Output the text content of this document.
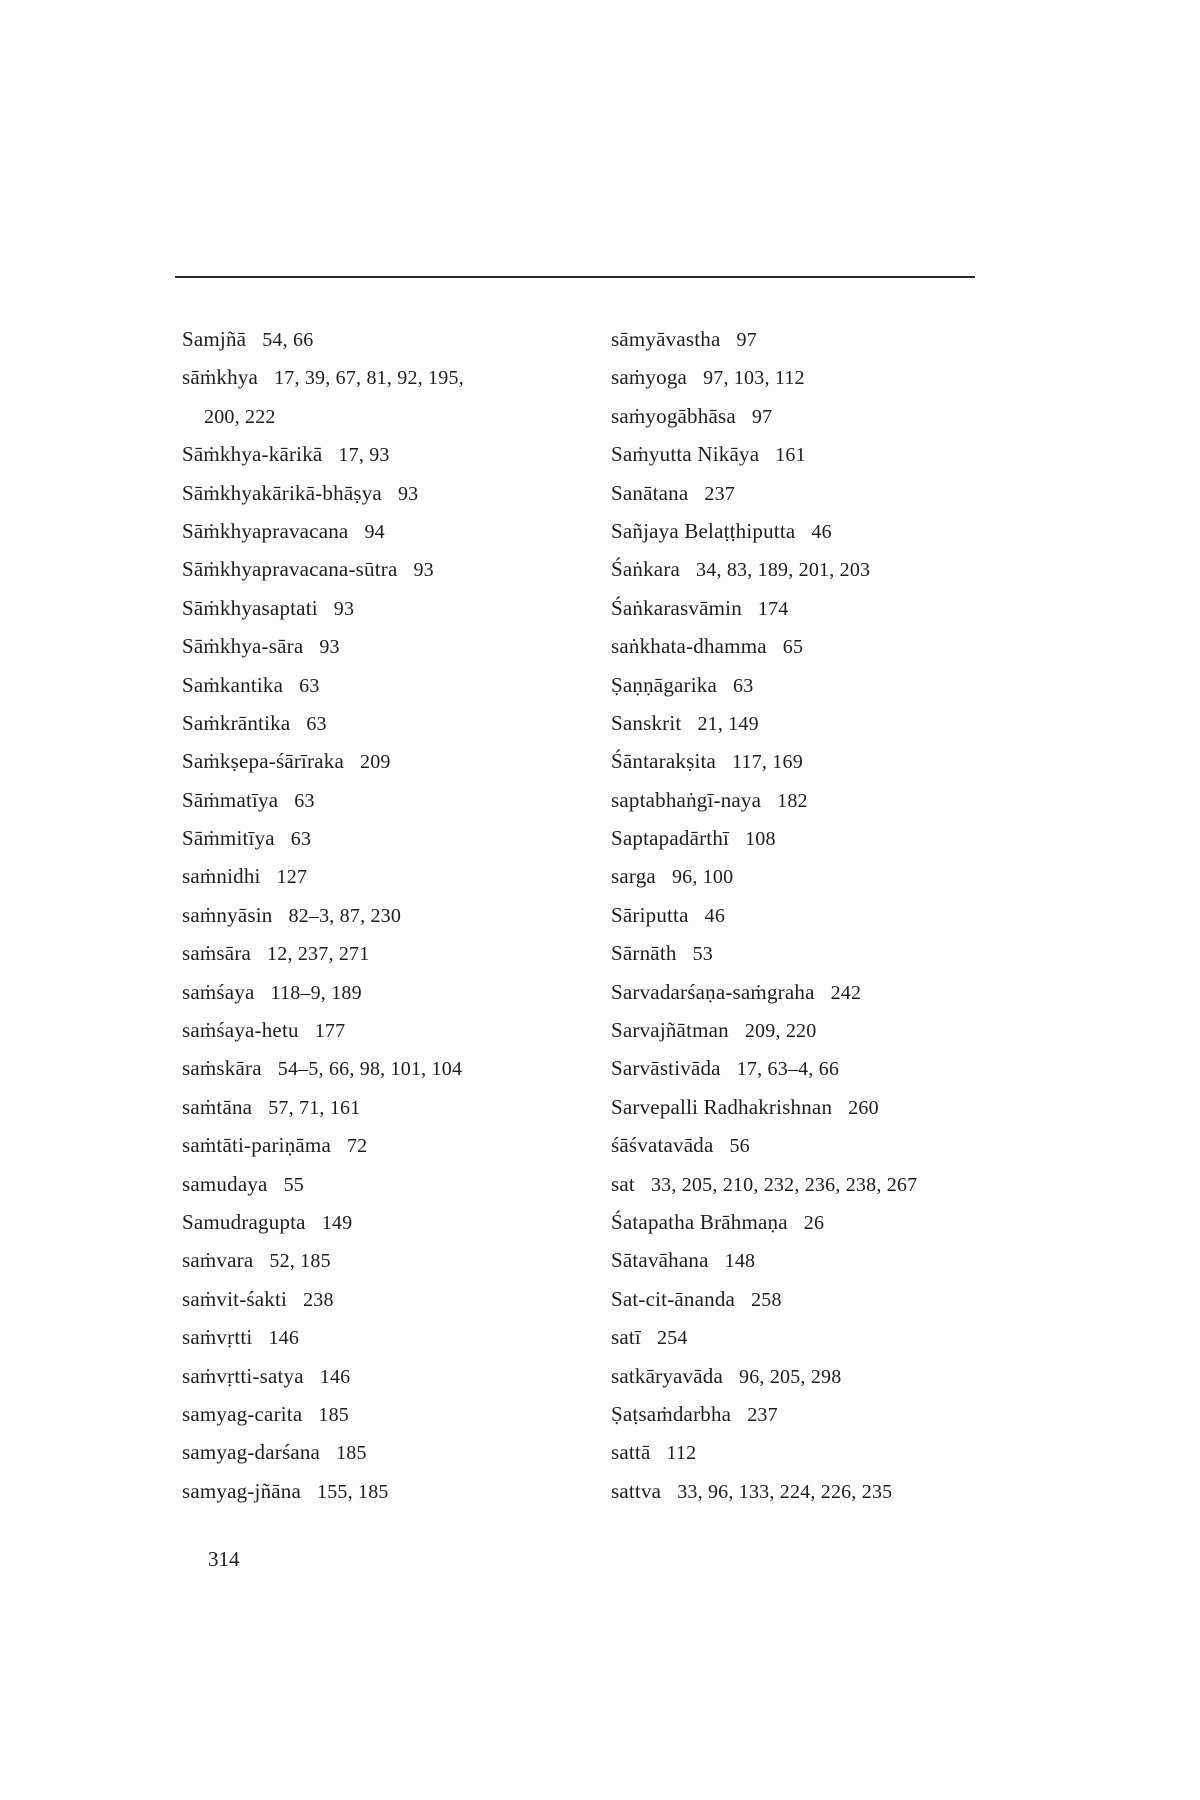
Samjñā 54, 66
sāṁkhya 17, 39, 67, 81, 92, 195,
200, 222
Sāṁkhya-kārikā 17, 93
Sāṁkhyakārikā-bhāṣya 93
Sāṁkhyapravacana 94
Sāṁkhyapravacana-sūtra 93
Sāṁkhyasaptati 93
Sāṁkhya-sāra 93
Saṁkantika 63
Saṁkrāntika 63
Saṁkṣepa-śārīraka 209
Sāṁmatīya 63
Sāṁmitīya 63
saṁnidhi 127
saṁnyāsin 82–3, 87, 230
saṁsāra 12, 237, 271
saṁśaya 118–9, 189
saṁśaya-hetu 177
saṁskāra 54–5, 66, 98, 101, 104
saṁtāna 57, 71, 161
saṁtāti-pariṇāma 72
samudaya 55
Samudragupta 149
saṁvara 52, 185
saṁvit-śakti 238
saṁvṛtti 146
saṁvṛtti-satya 146
samyag-carita 185
samyag-darśana 185
samyag-jñāna 155, 185
sāmyāvastha 97
saṁyoga 97, 103, 112
saṁyogābhāsa 97
Saṁyutta Nikāya 161
Sanātana 237
Sañjaya Belaṭṭhiputta 46
Śaṅkara 34, 83, 189, 201, 203
Śaṅkarasvāmin 174
saṅkhata-dhamma 65
Ṣaṇṇāgarika 63
Sanskrit 21, 149
Śāntarakṣita 117, 169
saptabhaṅgī-naya 182
Saptapadārthī 108
sarga 96, 100
Sāriputta 46
Sārnāth 53
Sarvadarśaṇa-saṁgraha 242
Sarvajñātman 209, 220
Sarvāstivāda 17, 63–4, 66
Sarvepalli Radhakrishnan 260
śāśvatavāda 56
sat 33, 205, 210, 232, 236, 238, 267
Śatapatha Brāhmaṇa 26
Sātavāhana 148
Sat-cit-ānanda 258
satī 254
satkāryavāda 96, 205, 298
Ṣaṭsaṁdarbha 237
sattā 112
sattva 33, 96, 133, 224, 226, 235
314
